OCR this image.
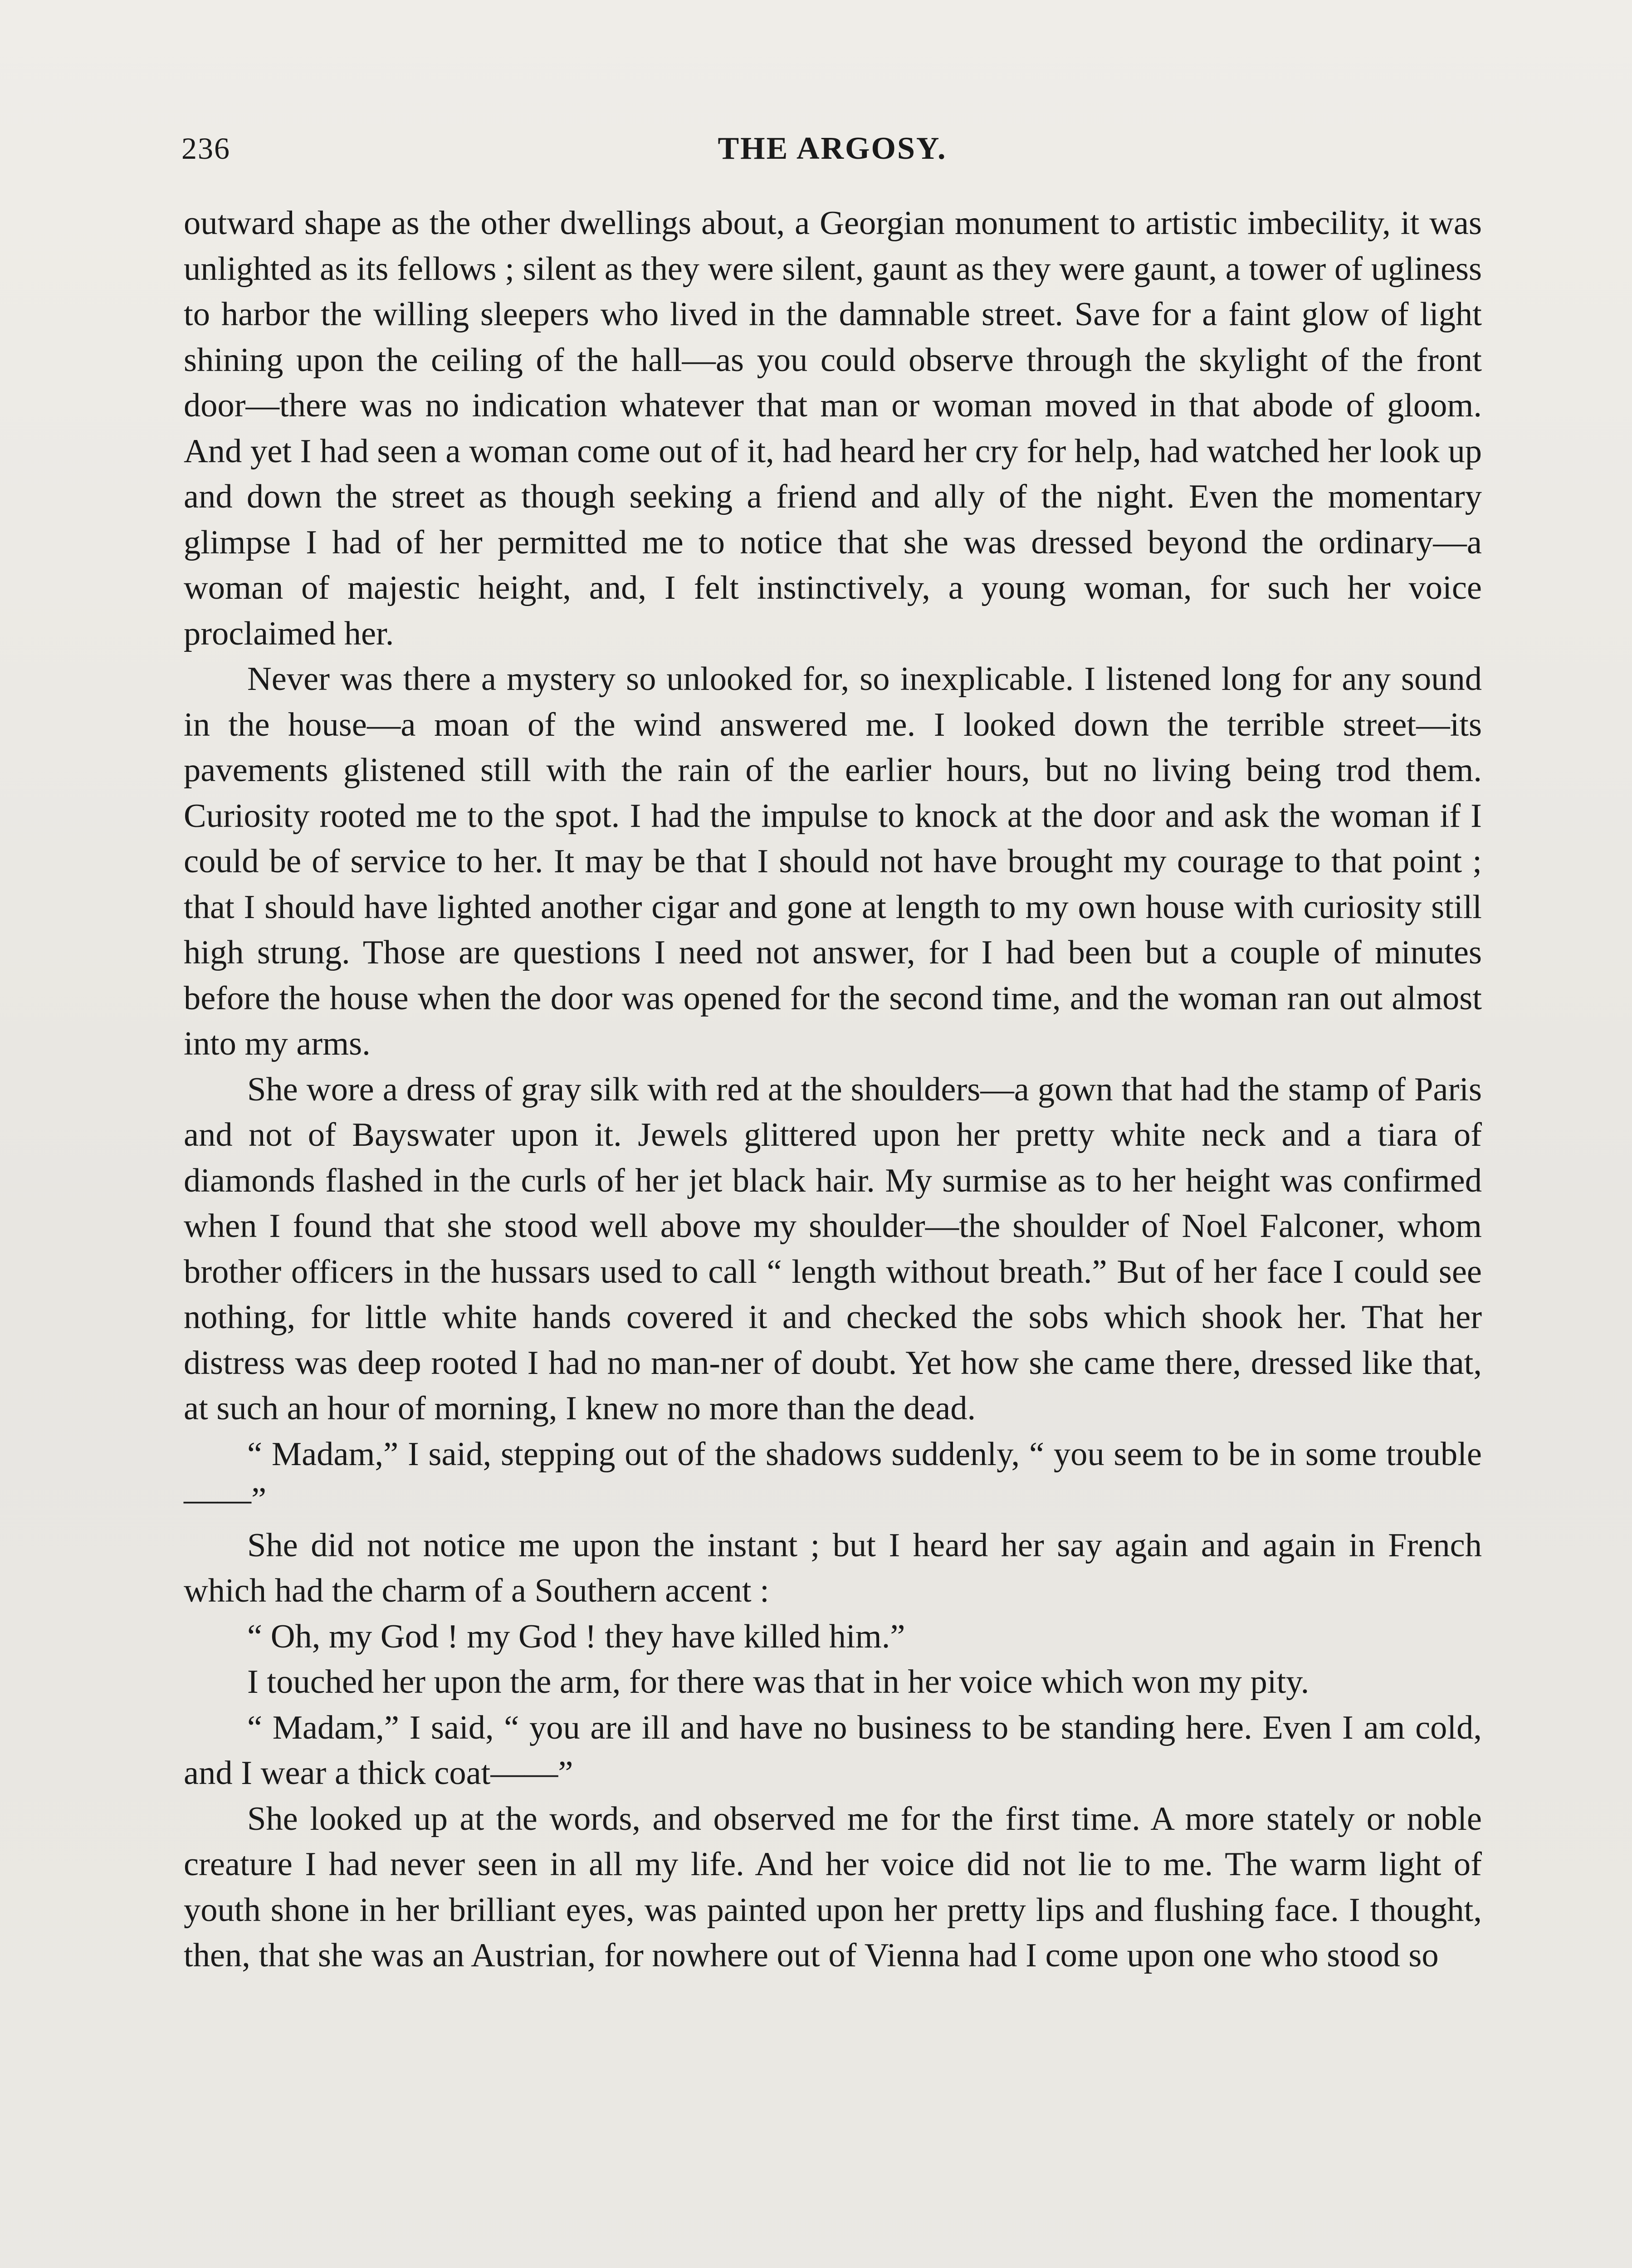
236	THE ARGOSY.

outward shape as the other dwellings about, a Georgian monument to artistic imbecility, it was unlighted as its fellows ; silent as they were silent, gaunt as they were gaunt, a tower of ugliness to harbor the willing sleepers who lived in the damnable street. Save for a faint glow of light shining upon the ceiling of the hall—as you could observe through the skylight of the front door—there was no indication whatever that man or woman moved in that abode of gloom. And yet I had seen a woman come out of it, had heard her cry for help, had watched her look up and down the street as though seeking a friend and ally of the night. Even the momentary glimpse I had of her permitted me to notice that she was dressed beyond the ordinary—a woman of majestic height, and, I felt instinctively, a young woman, for such her voice proclaimed her.

Never was there a mystery so unlooked for, so inexplicable. I listened long for any sound in the house—a moan of the wind answered me. I looked down the terrible street—its pavements glistened still with the rain of the earlier hours, but no living being trod them. Curiosity rooted me to the spot. I had the impulse to knock at the door and ask the woman if I could be of service to her. It may be that I should not have brought my courage to that point ; that I should have lighted another cigar and gone at length to my own house with curiosity still high strung. Those are questions I need not answer, for I had been but a couple of minutes before the house when the door was opened for the second time, and the woman ran out almost into my arms.

She wore a dress of gray silk with red at the shoulders—a gown that had the stamp of Paris and not of Bayswater upon it. Jewels glittered upon her pretty white neck and a tiara of diamonds flashed in the curls of her jet black hair. My surmise as to her height was confirmed when I found that she stood well above my shoulder—the shoulder of Noel Falconer, whom brother officers in the hussars used to call “ length without breath.” But of her face I could see nothing, for little white hands covered it and checked the sobs which shook her. That her distress was deep rooted I had no man-ner of doubt. Yet how she came there, dressed like that, at such an hour of morning, I knew no more than the dead.

“ Madam,” I said, stepping out of the shadows suddenly, “ you seem to be in some trouble——”

She did not notice me upon the instant ; but I heard her say again and again in French which had the charm of a Southern accent :

“ Oh, my God ! my God ! they have killed him.”

I touched her upon the arm, for there was that in her voice which won my pity.

“ Madam,” I said, “ you are ill and have no business to be standing here. Even I am cold, and I wear a thick coat——”

She looked up at the words, and observed me for the first time. A more stately or noble creature I had never seen in all my life. And her voice did not lie to me. The warm light of youth shone in her brilliant eyes, was painted upon her pretty lips and flushing face. I thought, then, that she was an Austrian, for nowhere out of Vienna had I come upon one who stood so
